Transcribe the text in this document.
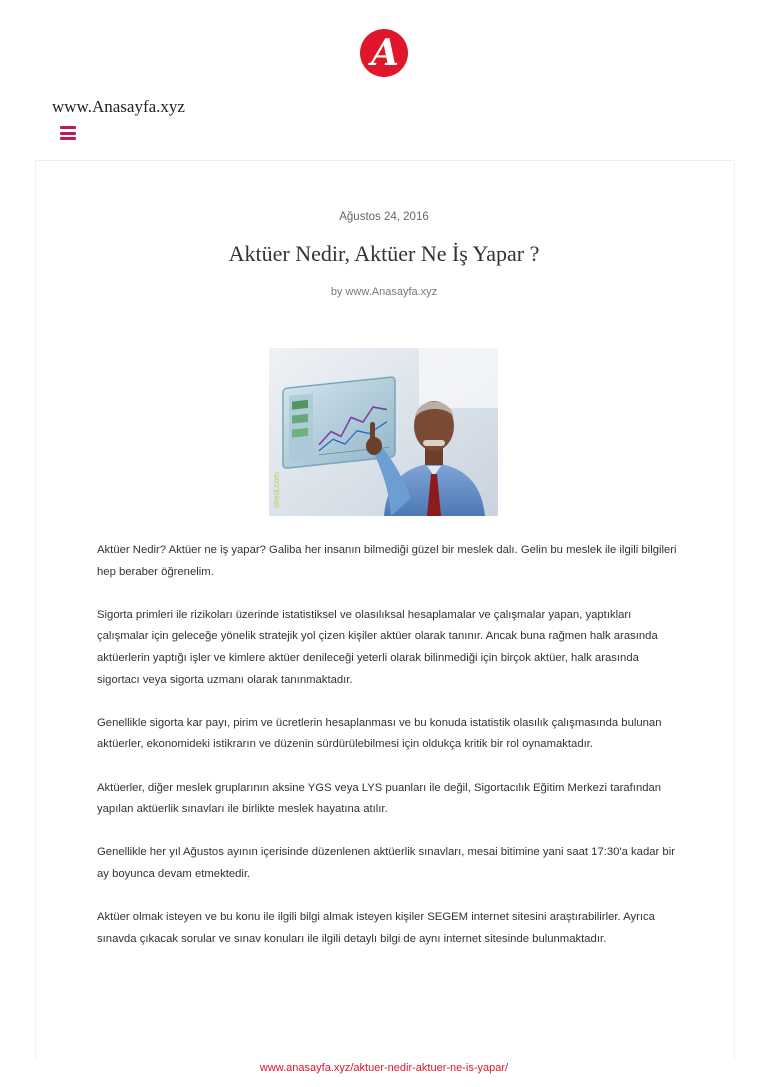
A
www.Anasayfa.xyz
Ağustos 24, 2016
Aktüer Nedir, Aktüer Ne İş Yapar ?
by www.Anasayfa.xyz
sitedi.com

Aktüer Nedir? Aktüer ne iş yapar? Galiba her insanın bilmediği güzel bir meslek dalı. Gelin bu meslek ile ilgili bilgileri hep beraber öğrenelim.

Sigorta primleri ile rizikoları üzerinde istatistiksel ve olasılıksal hesaplamalar ve çalışmalar yapan, yaptıkları çalışmalar için geleceğe yönelik stratejik yol çizen kişiler aktüer olarak tanınır. Ancak buna rağmen halk arasında aktüerlerin yaptığı işler ve kimlere aktüer denileceği yeterli olarak bilinmediği için birçok aktüer, halk arasında sigortacı veya sigorta uzmanı olarak tanınmaktadır.

Genellikle sigorta kar payı, pirim ve ücretlerin hesaplanması ve bu konuda istatistik olasılık çalışmasında bulunan aktüerler, ekonomideki istikrarın ve düzenin sürdürülebilmesi için oldukça kritik bir rol oynamaktadır.

Aktüerler, diğer meslek gruplarının aksine YGS veya LYS puanları ile değil, Sigortacılık Eğitim Merkezi tarafından yapılan aktüerlik sınavları ile birlikte meslek hayatına atılır.

Genellikle her yıl Ağustos ayının içerisinde düzenlenen aktüerlik sınavları, mesai bitimine yani saat 17:30'a kadar bir ay boyunca devam etmektedir.

Aktüer olmak isteyen ve bu konu ile ilgili bilgi almak isteyen kişiler SEGEM internet sitesini araştırabilirler. Ayrıca sınavda çıkacak sorular ve sınav konuları ile ilgili detaylı bilgi de aynı internet sitesinde bulunmaktadır.

www.anasayfa.xyz/aktuer-nedir-aktuer-ne-is-yapar/
